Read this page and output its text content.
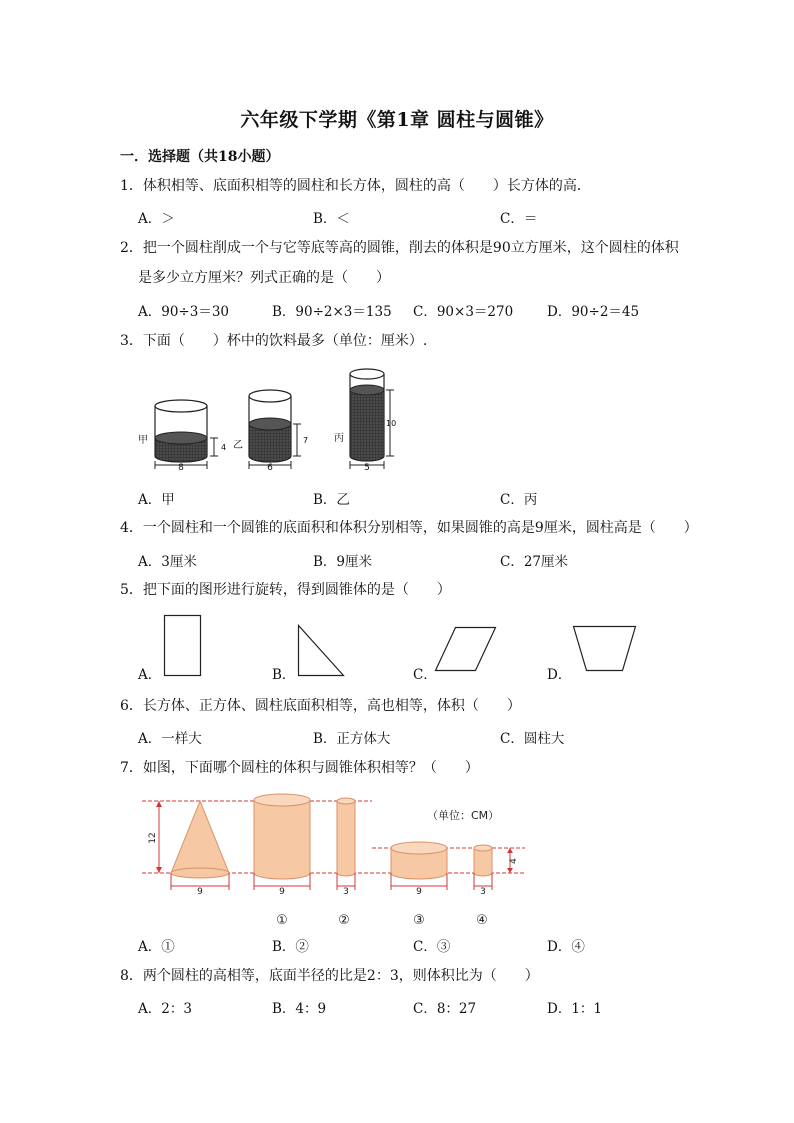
六年级下学期《第1章 圆柱与圆锥》
一．选择题（共18小题）
1．体积相等、底面积相等的圆柱和长方体，圆柱的高（　　）长方体的高．
A．＞	B．＜	C．＝
2．把一个圆柱削成一个与它等底等高的圆锥，削去的体积是90立方厘米，这个圆柱的体积
是多少立方厘米？列式正确的是（　　）
A．90÷3＝30	B．90÷2×3＝135 C．90×3＝270	D．90÷2＝45
3．下面（　　）杯中的饮料最多（单位：厘米）.
8
4
甲
6
7
乙
5
10
丙
A．甲	B．乙	C．丙
4．一个圆柱和一个圆锥的底面积和体积分别相等，如果圆锥的高是9厘米，圆柱高是（　　）
A．3厘米	B．9厘米	C．27厘米
5．把下面的图形进行旋转，得到圆锥体的是（　　）
A．	B．	C．	D．
6．长方体、正方体、圆柱底面积相等，高也相等，体积（　　）
A．一样大	B．正方体大	C．圆柱大
7．如图，下面哪个圆柱的体积与圆锥体积相等？（　　）
12
4
9	9	3	9	3
（单位：CM）
①	②	③	④
A．①	B．②	C．③	D．④
8．两个圆柱的高相等，底面半径的比是2：3，则体积比为（　　）
A．2：3	B．4：9	C．8：27	D．1：1
